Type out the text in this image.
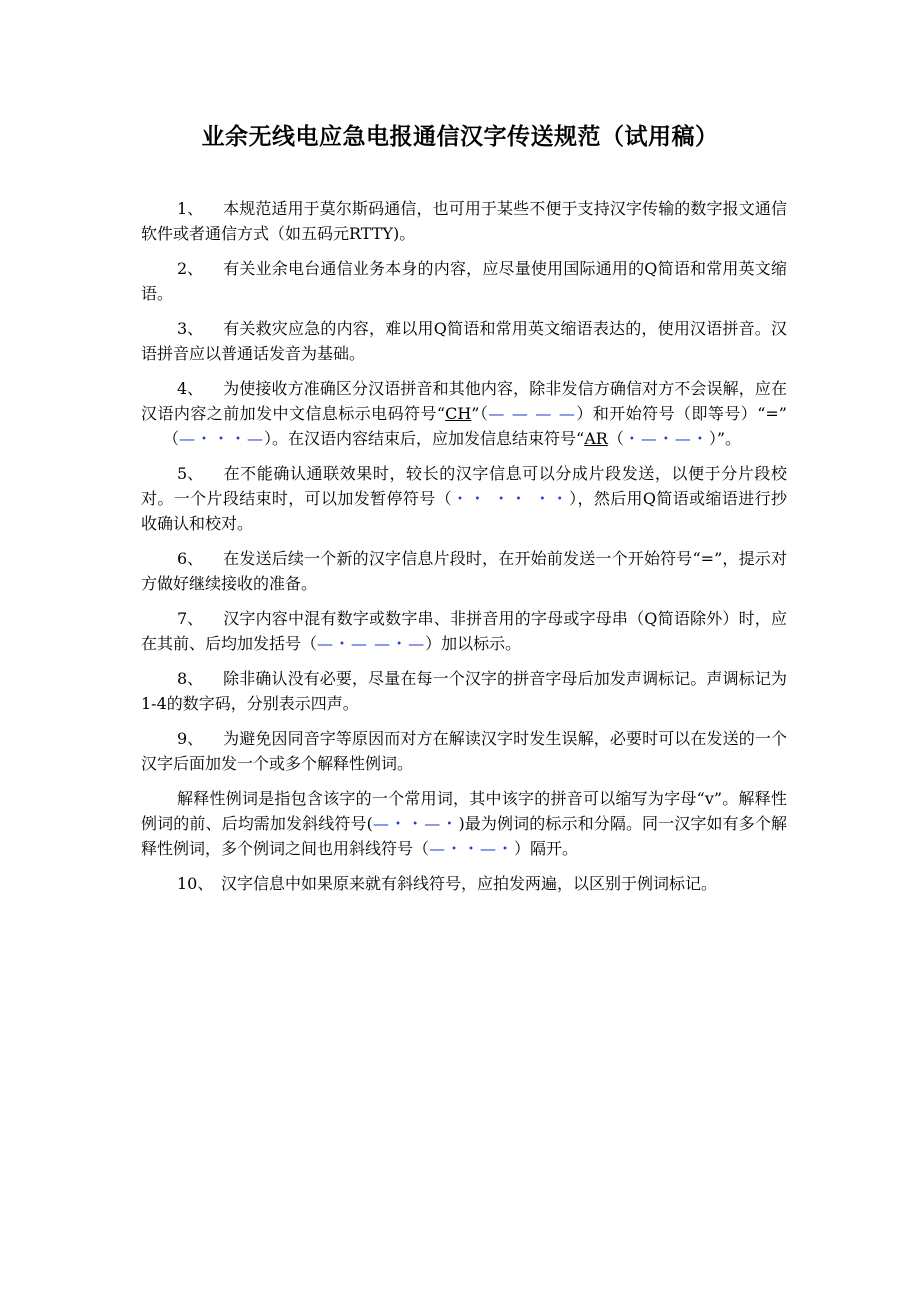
业余无线电应急电报通信汉字传送规范（试用稿）

1、 本规范适用于莫尔斯码通信，也可用于某些不便于支持汉字传输的数字报文通信软件或者通信方式（如五码元RTTY)。

2、 有关业余电台通信业务本身的内容，应尽量使用国际通用的Q简语和常用英文缩语。

3、 有关救灾应急的内容，难以用Q简语和常用英文缩语表达的，使用汉语拼音。汉语拼音应以普通话发音为基础。

4、 为使接收方准确区分汉语拼音和其他内容，除非发信方确信对方不会误解，应在汉语内容之前加发中文信息标示电码符号“CH”（— — — —）和开始符号（即等号）“=”（—・・・—）。在汉语内容结束后，应加发信息结束符号“AR（・—・—・）”。

5、 在不能确认通联效果时，较长的汉字信息可以分成片段发送，以便于分片段校对。一个片段结束时，可以加发暂停符号（・・ ・・ ・・），然后用Q简语或缩语进行抄收确认和校对。

6、 在发送后续一个新的汉字信息片段时，在开始前发送一个开始符号“=”，提示对方做好继续接收的准备。

7、 汉字内容中混有数字或数字串、非拼音用的字母或字母串（Q简语除外）时，应在其前、后均加发括号（—・— —・—）加以标示。

8、 除非确认没有必要，尽量在每一个汉字的拼音字母后加发声调标记。声调标记为1-4的数字码，分别表示四声。

9、 为避免因同音字等原因而对方在解读汉字时发生误解，必要时可以在发送的一个汉字后面加发一个或多个解释性例词。

解释性例词是指包含该字的一个常用词，其中该字的拼音可以缩写为字母“v”。解释性例词的前、后均需加发斜线符号(—・・—・)最为例词的标示和分隔。同一汉字如有多个解释性例词，多个例词之间也用斜线符号（—・・—・）隔开。

10、 汉字信息中如果原来就有斜线符号，应拍发两遍，以区别于例词标记。
